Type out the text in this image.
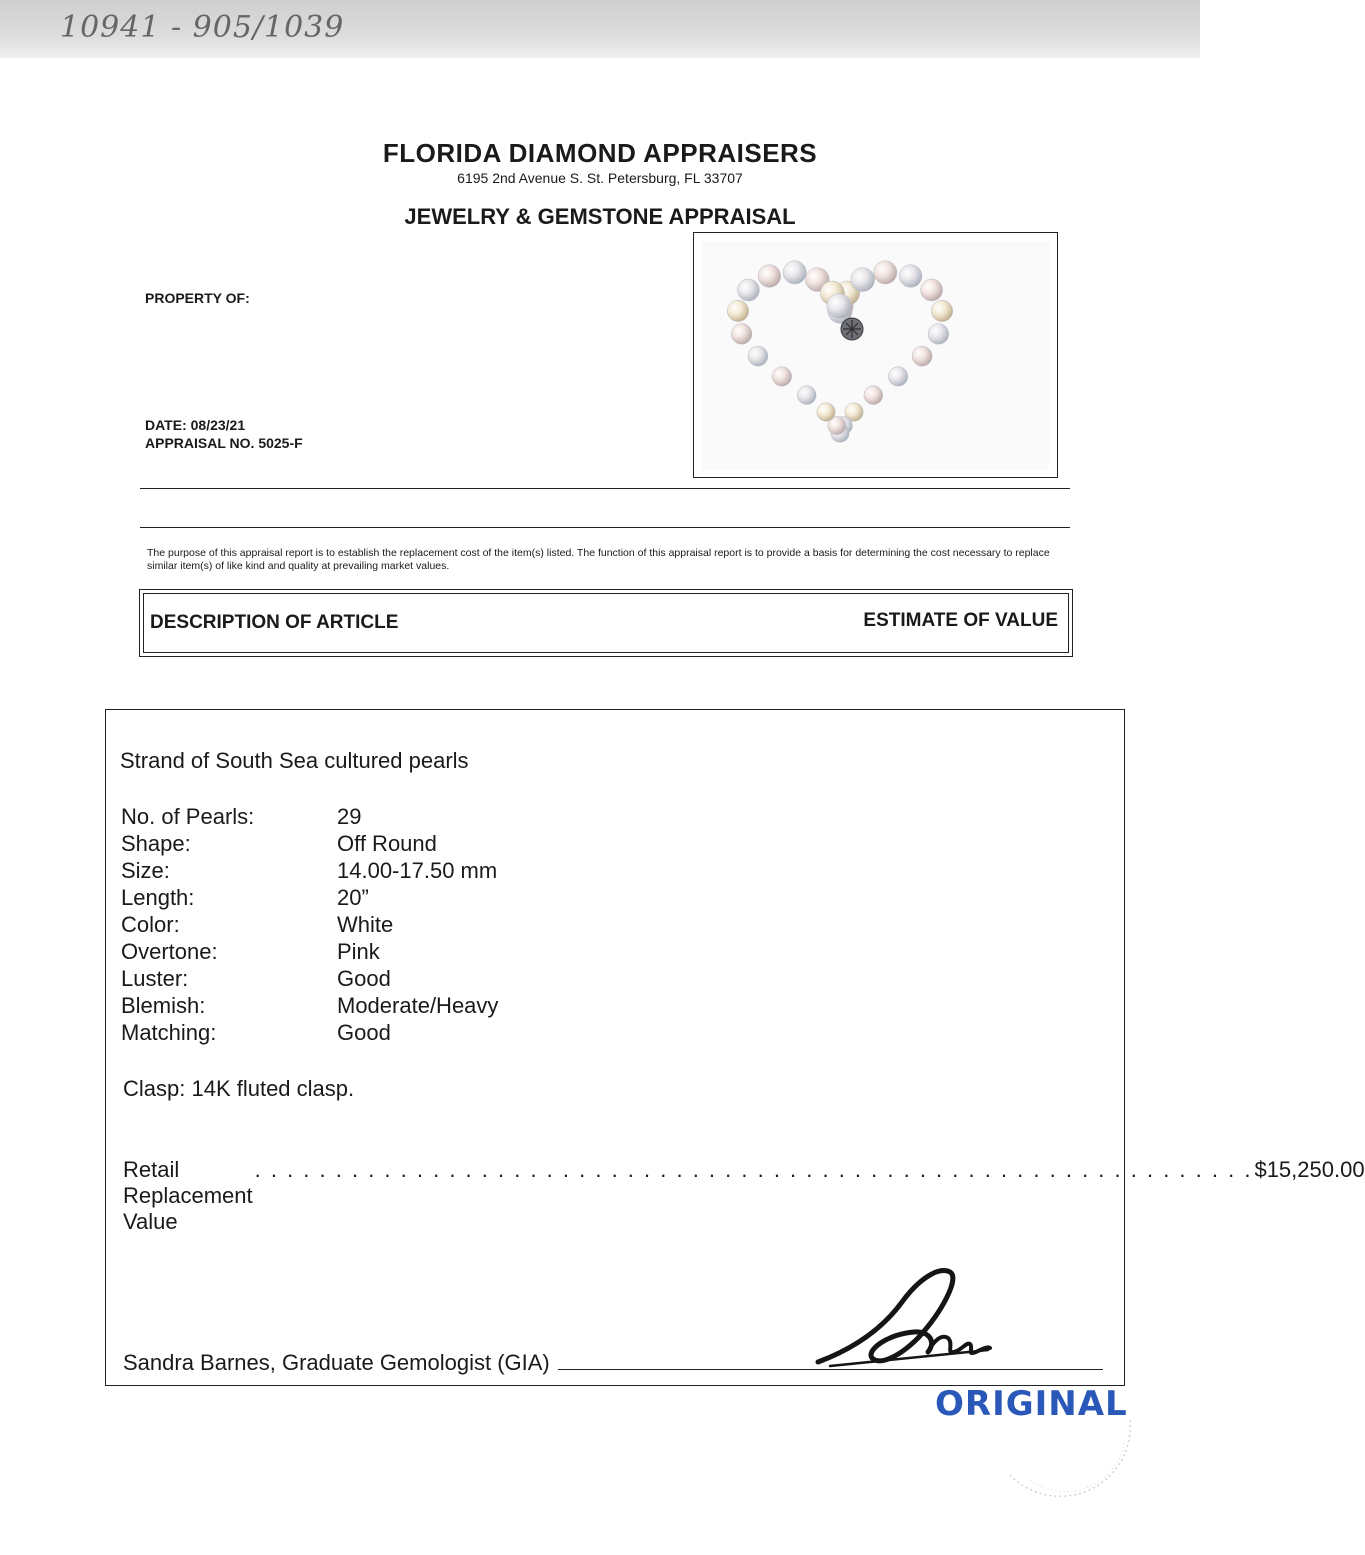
10941 - 905/1039
FLORIDA DIAMOND APPRAISERS
6195 2nd Avenue S. St. Petersburg, FL 33707
JEWELRY & GEMSTONE APPRAISAL
PROPERTY OF:
DATE: 08/23/21
APPRAISAL NO. 5025-F
The purpose of this appraisal report is to establish the replacement cost of the item(s) listed. The function of this appraisal report is to provide a basis for determining the cost necessary to replace similar item(s) of like kind and quality at prevailing market values.
DESCRIPTION OF ARTICLE	ESTIMATE OF VALUE
Strand of South Sea cultured pearls
No. of Pearls:	29
Shape:	Off Round
Size:	14.00-17.50 mm
Length:	20”
Color:	White
Overtone:	Pink
Luster:	Good
Blemish:	Moderate/Heavy
Matching:	Good
Clasp: 14K fluted clasp.
Retail Replacement Value
. . . . . . . . . . . . . . . . . . . . . . . . . . . . . . . . . . . . . . . . . . . . . . . . . . . . . . . . . . . . . . $15,250.00
Sandra Barnes, Graduate Gemologist (GIA)
ORIGINAL
